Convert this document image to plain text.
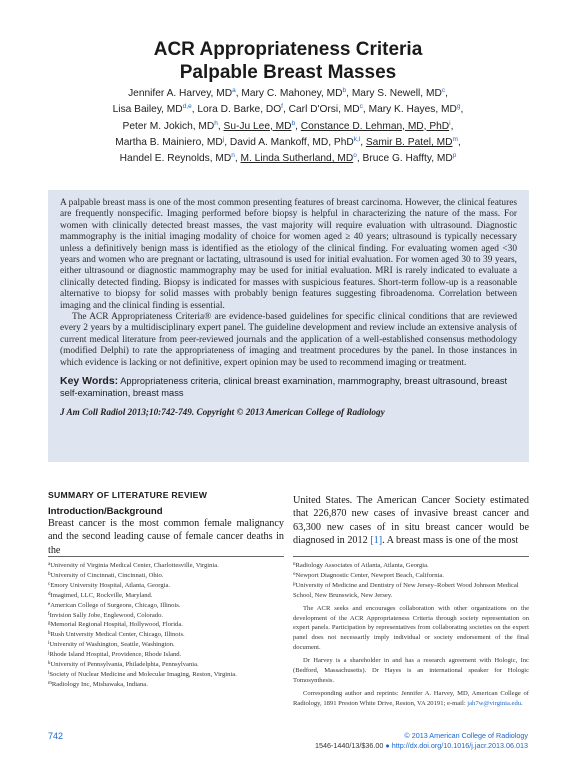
ACR Appropriateness Criteria
Palpable Breast Masses
Jennifer A. Harvey, $MD^a$, Mary C. Mahoney, $MD^b$, Mary S. Newell, $MD^c$,
Lisa Bailey, MD$^{d,e}$, Lora D. Barke, $DO^f$, Carl D'Orsi, $MD^c$, Mary K. Hayes, $MD^g$,
Peter M. Jokich, $MD^h$, Su-Ju Lee, $MD^b$, Constance D. Lehman, MD, PhD$^i$,
Martha B. Mainiero, $MD^j$, David A. Mankoff, MD, PhD$^{k,l}$, Samir B. Patel, $MD^m$,
Handel E. Reynolds, $MD^n$, M. Linda Sutherland, $MD^o$, Bruce G. Haffty, $MD^p$

A palpable breast mass is one of the most common presenting features of breast carcinoma. However, the clinical features are frequently nonspecific. Imaging performed before biopsy is helpful in characterizing the nature of the mass. For women with clinically detected breast masses, the vast majority will require evaluation with ultrasound. Diagnostic mammography is the initial imaging modality of choice for women aged ≥ 40 years; ultrasound is typically necessary unless a definitively benign mass is identified as the etiology of the clinical finding. For evaluating women aged <30 years and women who are pregnant or lactating, ultrasound is used for initial evaluation. For women aged 30 to 39 years, either ultrasound or diagnostic mammography may be used for initial evaluation. MRI is rarely indicated to evaluate a clinically detected finding. Biopsy is indicated for masses with suspicious features. Short-term follow-up is a reasonable alternative to biopsy for solid masses with probably benign features suggesting fibroadenoma. Correlation between imaging and the clinical finding is essential.

The ACR Appropriateness Criteria® are evidence-based guidelines for specific clinical conditions that are reviewed every 2 years by a multidisciplinary expert panel. The guideline development and review include an extensive analysis of current medical literature from peer-reviewed journals and the application of a well-established consensus methodology (modified Delphi) to rate the appropriateness of imaging and treatment procedures by the panel. In those instances in which evidence is lacking or not definitive, expert opinion may be used to recommend imaging or treatment.

Key Words: Appropriateness criteria, clinical breast examination, mammography, breast ultrasound, breast self-examination, breast mass
J Am Coll Radiol 2013;10:742-749. Copyright © 2013 American College of Radiology
SUMMARY OF LITERATURE REVIEW
Introduction/Background

Breast cancer is the most common female malignancy and the second leading cause of female cancer deaths in the

United States. The American Cancer Society estimated that 226,870 new cases of invasive breast cancer and 63,300 new cases of in situ breast cancer would be diagnosed in 2012 [1]. A breast mass is one of the most

$^a$University of Virginia Medical Center, Charlottesville, Virginia.
$^b$University of Cincinnati, Cincinnati, Ohio.
$^c$Emory University Hospital, Atlanta, Georgia.
$^d$Imagimed, LLC, Rockville, Maryland.
$^e$American College of Surgeons, Chicago, Illinois.
$^f$Invision Sally Jobe, Englewood, Colorado.
$^g$Memorial Regional Hospital, Hollywood, Florida.
$^h$Rush University Medical Center, Chicago, Illinois.
$^i$University of Washington, Seattle, Washington.
$^j$Rhode Island Hospital, Providence, Rhode Island.
$^k$University of Pennsylvania, Philadelphia, Pennsylvania.
$^l$Society of Nuclear Medicine and Molecular Imaging, Reston, Virginia.
$^m$Radiology Inc, Mishawaka, Indiana.
$^n$Radiology Associates of Atlanta, Atlanta, Georgia.
$^o$Newport Diagnostic Center, Newport Beach, California.
$^p$University of Medicine and Dentistry of New Jersey–Robert Wood Johnson Medical School, New Brunswick, New Jersey.

The ACR seeks and encourages collaboration with other organizations on the development of the ACR Appropriateness Criteria through society representation on expert panels. Participation by representatives from collaborating societies on the expert panel does not necessarily imply individual or society endorsement of the final document.

Dr Harvey is a shareholder in and has a research agreement with Hologic, Inc (Bedford, Massachusetts). Dr Hayes is an international speaker for Hologic Tomosynthesis.

Corresponding author and reprints: Jennifer A. Harvey, MD, American College of Radiology, 1891 Preston White Drive, Reston, VA 20191; e-mail: jah7w@virginia.edu.

742	© 2013 American College of Radiology
1546-1440/13/$36.00 ● http://dx.doi.org/10.1016/j.jacr.2013.06.013
